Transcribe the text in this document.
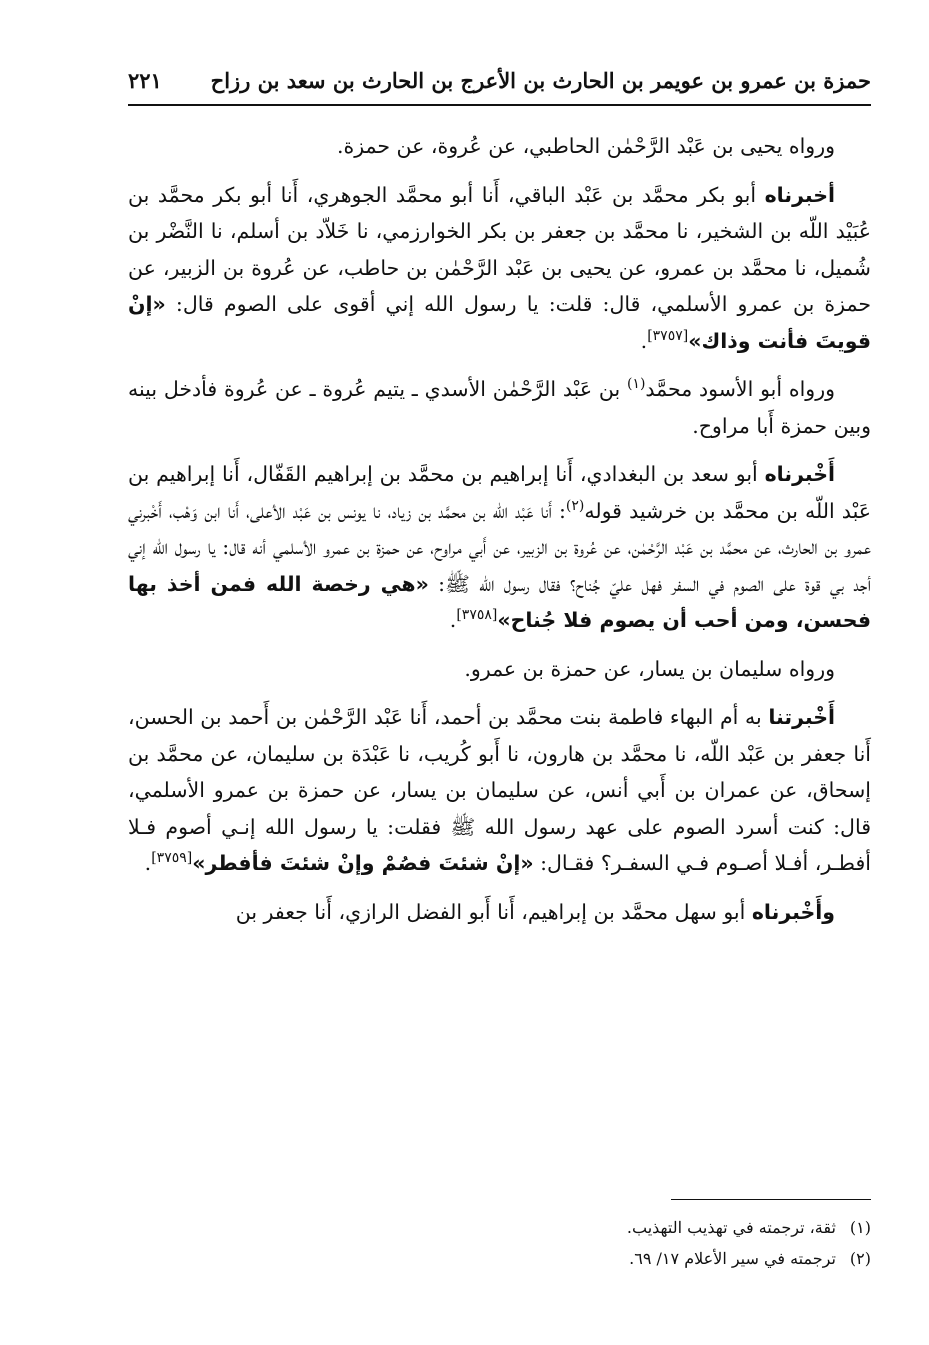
حمزة بن عمرو بن عويمر بن الحارث بن الأعرج بن الحارث بن سعد بن رزاح
٢٢١

ورواه يحيى بن عَبْد الرَّحْمٰن الحاطبي، عن عُروة، عن حمزة.

أخبرناه أبو بكر محمَّد بن عَبْد الباقي، أَنا أبو محمَّد الجوهري، أَنا أبو بكر محمَّد بن عُبَيْد اللّه بن الشخير، نا محمَّد بن جعفر بن بكر الخوارزمي، نا خَلاّد بن أسلم، نا النَّضْر بن شُميل، نا محمَّد بن عمرو، عن يحيى بن عَبْد الرَّحْمٰن بن حاطب، عن عُروة بن الزبير، عن حمزة بن عمرو الأسلمي، قال: قلت: يا رسول الله إني أقوى على الصوم قال: «إنْ قويتَ فأنت وذاك»[٣٧٥٧].

ورواه أبو الأسود محمَّد$^{(١)}$ بن عَبْد الرَّحْمٰن الأسدي ـ يتيم عُروة ـ عن عُروة فأدخل بينه وبين حمزة أَبا مراوح.

أَخْبرناه أبو سعد بن البغدادي، أَنا إبراهيم بن محمَّد بن إبراهيم القَفّال، أَنا إبراهيم بن عَبْد اللّه بن محمَّد بن خرشيد قوله$^{(٢)}$: أَنا عَبْد اللّه بن محمَّد بن زياد، نا يونس بن عَبْد الأعلى، أَنا ابن وَهْب، أَخْبرني عمرو بن الحارث، عن محمَّد بن عَبْد الرَّحْمٰن، عن عُروة بن الزبير، عن أَبي مراوح، عن حمزة بن عمرو الأسلمي أنه قال: يا رسول الله إني أجد بي قوة على الصوم في السفر فهل عليّ جُناح؟ فقال رسول الله ﷺ: «هي رخصة الله فمن أخذ بها فحسن، ومن أحب أن يصوم فلا جُناح»[٣٧٥٨].

ورواه سليمان بن يسار، عن حمزة بن عمرو.

أَخْبرتنا به أم البهاء فاطمة بنت محمَّد بن أحمد، أَنا عَبْد الرَّحْمٰن بن أَحمد بن الحسن، أَنا جعفر بن عَبْد اللّه، نا محمَّد بن هارون، نا أَبو كُريب، نا عَبْدَة بن سليمان، عن محمَّد بن إسحاق، عن عمران بن أَبي أنس، عن سليمان بن يسار، عن حمزة بن عمرو الأسلمي، قال: كنت أسرد الصوم على عهد رسول الله ﷺ فقلت: يا رسول الله إنـي أصوم فـلا أفطـر، أفـلا أصـوم فـي السفـر؟ فقـال: «إنْ شئتَ فصُمْ وإنْ شئتَ فأفطر»[٣٧٥٩].

وأَخْبرناه أبو سهل محمَّد بن إبراهيم، أَنا أَبو الفضل الرازي، أَنا جعفر بن

(١)ثقة، ترجمته في تهذيب التهذيب.
(٢)ترجمته في سير الأعلام ١٧/ ٦٩.
